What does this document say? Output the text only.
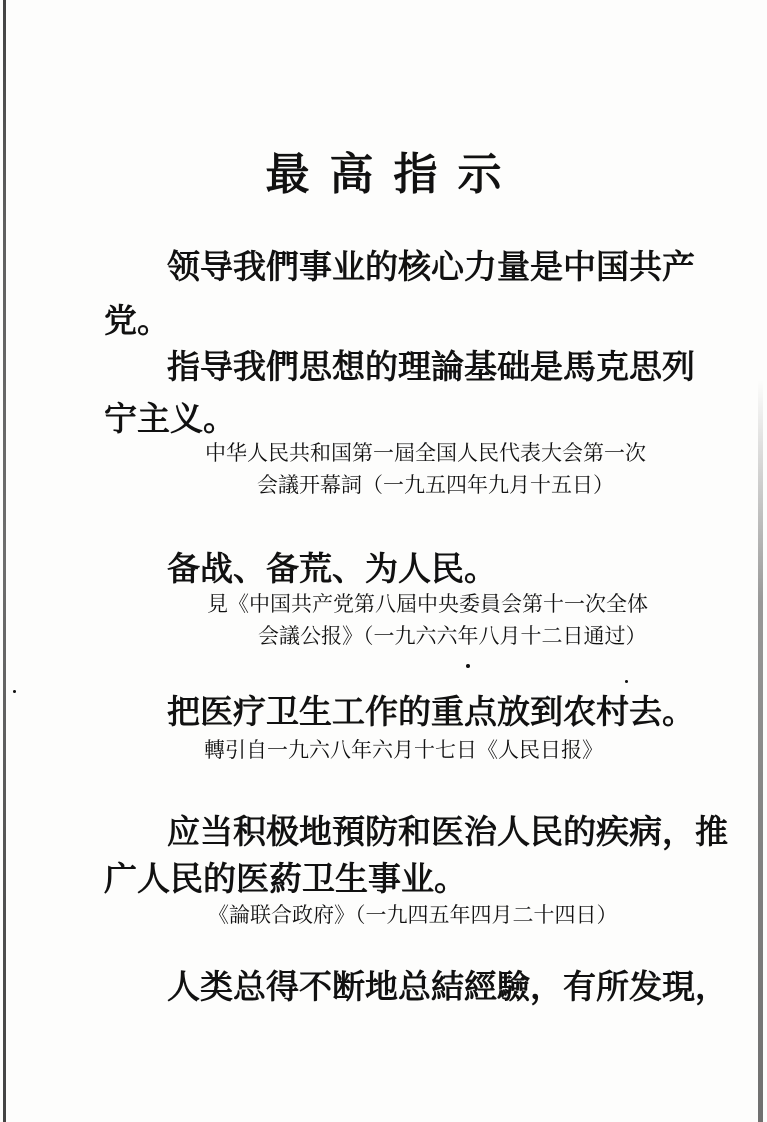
最高指示
领导我們事业的核心力量是中国共产
党。
指导我們思想的理論基础是馬克思列
宁主义。
中华人民共和国第一屆全国人民代表大会第一次
会議开幕詞（一九五四年九月十五日）
备战、备荒、为人民。
見《中国共产党第八屆中央委員会第十一次全体
会議公报》（一九六六年八月十二日通过）
把医疗卫生工作的重点放到农村去。
轉引自一九六八年六月十七日《人民日报》
应当积极地預防和医治人民的疾病，推
广人民的医葯卫生事业。
《論联合政府》（一九四五年四月二十四日）
人类总得不断地总結經驗，有所发現，
